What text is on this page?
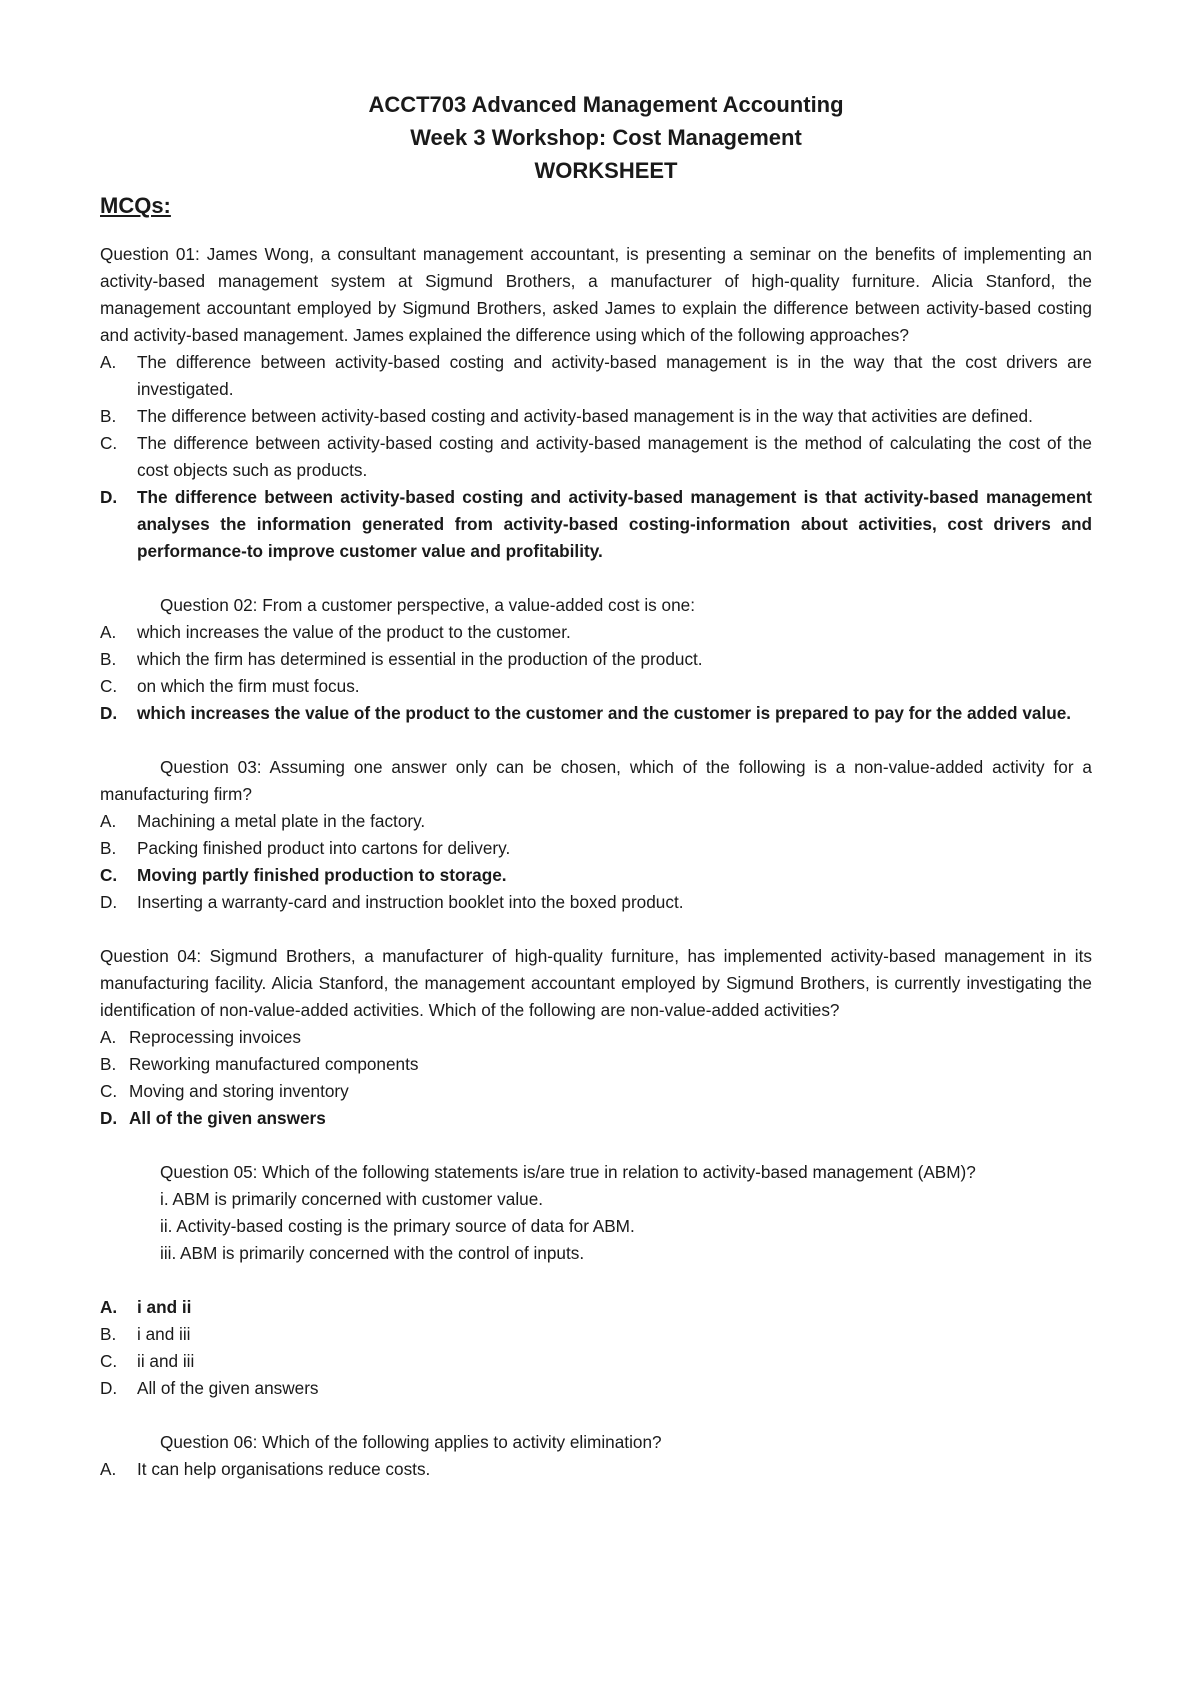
ACCT703 Advanced Management Accounting
Week 3 Workshop: Cost Management
WORKSHEET
MCQs:

Question 01: James Wong, a consultant management accountant, is presenting a seminar on the benefits of implementing an activity-based management system at Sigmund Brothers, a manufacturer of high-quality furniture. Alicia Stanford, the management accountant employed by Sigmund Brothers, asked James to explain the difference between activity-based costing and activity-based management. James explained the difference using which of the following approaches?

A. The difference between activity-based costing and activity-based management is in the way that the cost drivers are investigated.
B. The difference between activity-based costing and activity-based management is in the way that activities are defined.
C. The difference between activity-based costing and activity-based management is the method of calculating the cost of the cost objects such as products.
D. The difference between activity-based costing and activity-based management is that activity-based management analyses the information generated from activity-based costing-information about activities, cost drivers and performance-to improve customer value and profitability.

Question 02: From a customer perspective, a value-added cost is one:

A. which increases the value of the product to the customer.
B. which the firm has determined is essential in the production of the product.
C. on which the firm must focus.
D. which increases the value of the product to the customer and the customer is prepared to pay for the added value.

Question 03: Assuming one answer only can be chosen, which of the following is a non-value-added activity for a manufacturing firm?

A. Machining a metal plate in the factory.
B. Packing finished product into cartons for delivery.
C. Moving partly finished production to storage.
D. Inserting a warranty-card and instruction booklet into the boxed product.

Question 04: Sigmund Brothers, a manufacturer of high-quality furniture, has implemented activity-based management in its manufacturing facility. Alicia Stanford, the management accountant employed by Sigmund Brothers, is currently investigating the identification of non-value-added activities. Which of the following are non-value-added activities?

A. Reprocessing invoices
B. Reworking manufactured components
C. Moving and storing inventory
D. All of the given answers

Question 05: Which of the following statements is/are true in relation to activity-based management (ABM)?

i. ABM is primarily concerned with customer value.
ii. Activity-based costing is the primary source of data for ABM.
iii. ABM is primarily concerned with the control of inputs.
A. i and ii
B. i and iii
C. ii and iii
D. All of the given answers

Question 06: Which of the following applies to activity elimination?

A. It can help organisations reduce costs.
